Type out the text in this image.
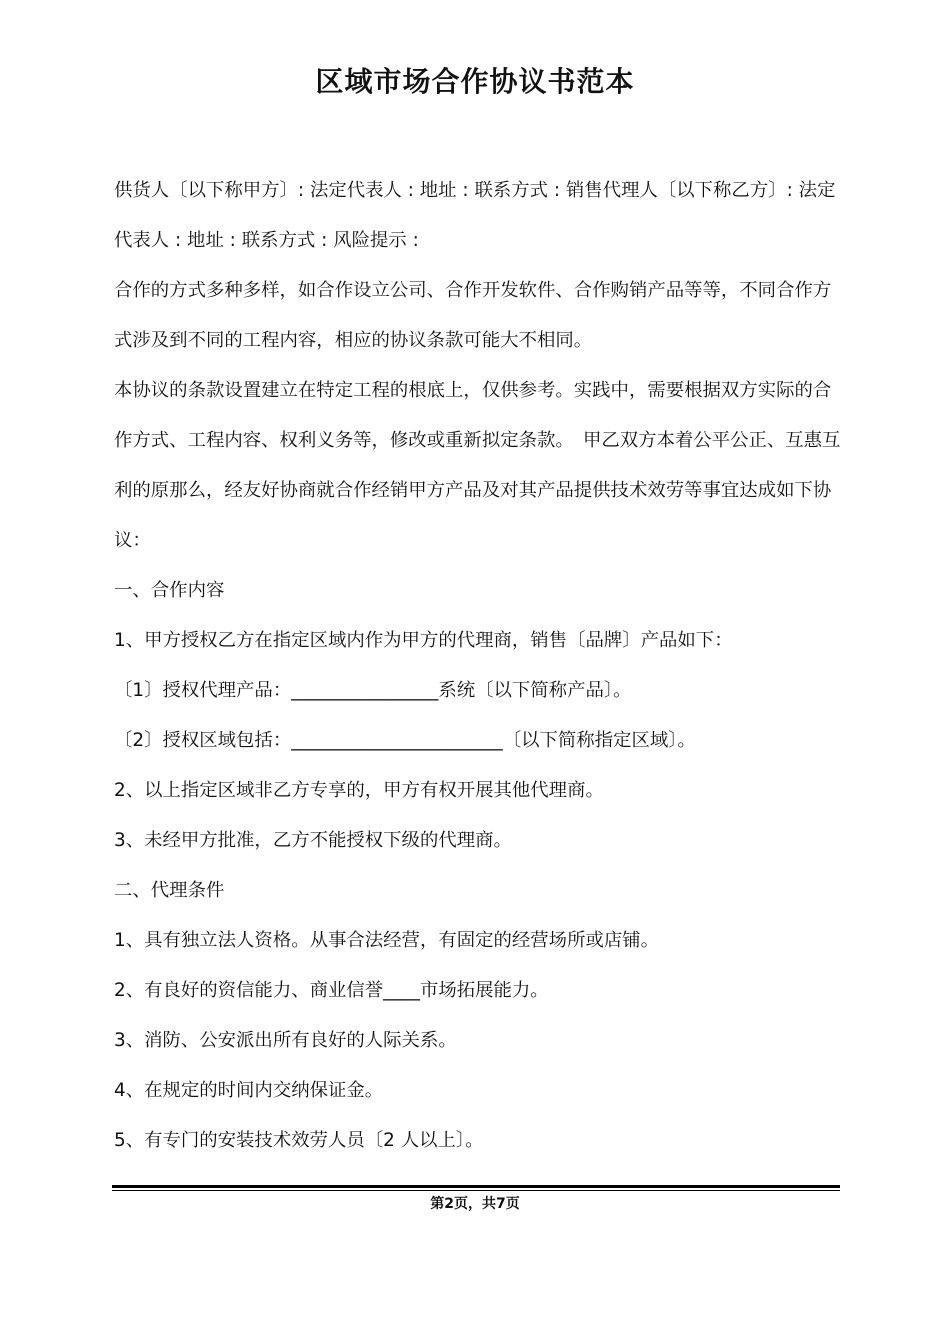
区域市场合作协议书范本

供货人〔以下称甲方〕: 法定代表人 : 地址 : 联系方式 : 销售代理人〔以下称乙方〕: 法定代表人 : 地址 : 联系方式 : 风险提示 :

合作的方式多种多样，如合作设立公司、合作开发软件、合作购销产品等等，不同合作方式涉及到不同的工程内容，相应的协议条款可能大不相同。

本协议的条款设置建立在特定工程的根底上，仅供参考。实践中，需要根据双方实际的合作方式、工程内容、权利义务等，修改或重新拟定条款。　甲乙双方本着公平公正、互惠互利的原那么，经友好协商就合作经销甲方产品及对其产品提供技术效劳等事宜达成如下协议：

一、合作内容

1、甲方授权乙方在指定区域内作为甲方的代理商，销售〔品牌〕产品如下：

〔1〕授权代理产品：________________系统〔以下简称产品〕。

〔2〕授权区域包括：_______________________〔以下简称指定区域〕。

2、以上指定区域非乙方专享的，甲方有权开展其他代理商。

3、未经甲方批准，乙方不能授权下级的代理商。

二、代理条件

1、具有独立法人资格。从事合法经营，有固定的经营场所或店铺。

2、有良好的资信能力、商业信誉____市场拓展能力。

3、消防、公安派出所有良好的人际关系。

4、在规定的时间内交纳保证金。

5、有专门的安装技术效劳人员〔2 人以上〕。

第2页，共7页
